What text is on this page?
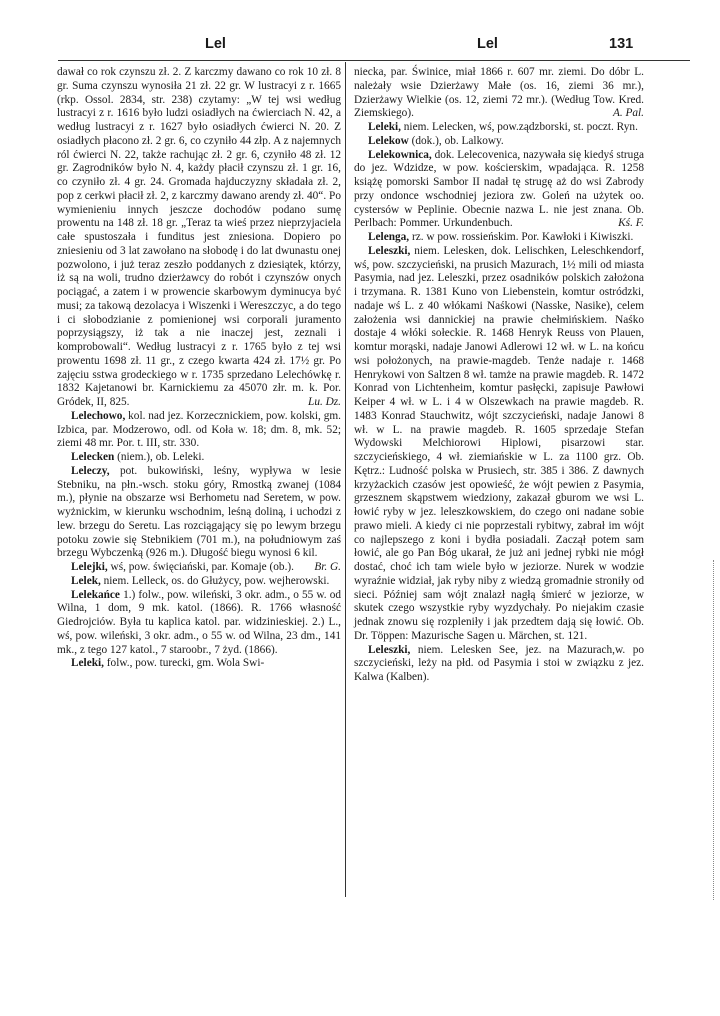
Lel	Lel	131

dawał co rok czynszu zł. 2. Z karczmy dawano co rok 10 zł. 8 gr. Suma czynszu wynosiła 21 zł. 22 gr. W lustracyi z r. 1665 (rkp. Ossol. 2834, str. 238) czytamy: „W tej wsi według lustracyi z r. 1616 było ludzi osiadłych na ćwierciach N. 42, a według lustracyi z r. 1627 było osiadłych ćwierci N. 20. Z osiadłych płacono zł. 2 gr. 6, co czyniło 44 złp. A z najemnych ról ćwierci N. 22, także rachując zł. 2 gr. 6, czyniło 48 zł. 12 gr. Zagrodników było N. 4, każdy płacił czynszu zł. 1 gr. 16, co czyniło zł. 4 gr. 24. Gromada hajduczyzny składała zł. 2, pop z cerkwi płacił zł. 2, z karczmy dawano arendy zł. 40“. Po wymienieniu innych jeszcze dochodów podano sumę prowentu na 148 zł. 18 gr. „Teraz ta wieś przez nieprzyjaciela całe spustoszała i funditus jest zniesiona. Dopiero po zniesieniu od 3 lat zawołano na słobodę i do lat dwunastu onej pozwolono, i już teraz zeszło poddanych z dziesiątek, którzy, iż są na woli, trudno dzierżawcy do robót i czynszów onych pociągać, a zatem i w prowencie skarbowym dyminucya być musi; za takową dezolacya i Wiszenki i Wereszczyc, a do tego i ci słobodzianie z pomienionej wsi corporali juramento poprzysiągszy, iż tak a nie inaczej jest, zeznali i komprobowali“. Według lustracyi z r. 1765 było z tej wsi prowentu 1698 zł. 11 gr., z czego kwarta 424 zł. 17½ gr. Po zajęciu sstwa grodeckiego w r. 1735 sprzedano Lelechówkę r. 1832 Kajetanowi br. Karnickiemu za 45070 złr. m. k. Por. Gródek, II, 825.	Lu. Dz.

Lelechowo, kol. nad jez. Korzecznickiem, pow. kolski, gm. Izbica, par. Modzerowo, odl. od Koła w. 18; dm. 8, mk. 52; ziemi 48 mr. Por. t. III, str. 330.

Lelecken (niem.), ob. Leleki.

Leleczy, pot. bukowiński, leśny, wypływa w lesie Stebniku, na płn.-wsch. stoku góry, Rmostką zwanej (1084 m.), płynie na obszarze wsi Berhometu nad Seretem, w pow. wyżnickim, w kierunku wschodnim, leśną doliną, i uchodzi z lew. brzegu do Seretu. Las rozciągający się po lewym brzegu potoku zowie się Stebnikiem (701 m.), na południowym zaś brzegu Wybczenką (926 m.). Długość biegu wynosi 6 kil.
Br. G.

Lelejki, wś, pow. święciański, par. Komaje (ob.).

Lelek, niem. Lelleck, os. do Głużycy, pow. wejherowski.

Lelekańce 1.) folw., pow. wileński, 3 okr. adm., o 55 w. od Wilna, 1 dom, 9 mk. katol. (1866). R. 1766 własność Giedrojciów. Była tu kaplica katol. par. widzinieskiej. 2.) L., wś, pow. wileński, 3 okr. adm., o 55 w. od Wilna, 23 dm., 141 mk., z tego 127 katol., 7 staroobr., 7 żyd. (1866).

Leleki, folw., pow. turecki, gm. Wola Swi-

niecka, par. Świnice, miał 1866 r. 607 mr. ziemi. Do dóbr L. należały wsie Dzierżawy Małe (os. 16, ziemi 36 mr.), Dzierżawy Wielkie (os. 12, ziemi 72 mr.). (Według Tow. Kred. Ziemskiego).	A. Pal.

Leleki, niem. Lelecken, wś, pow.ządzborski, st. poczt. Ryn.

Lelekow (dok.), ob. Lalkowy.

Lelekownica, dok. Lelecovenica, nazywała się kiedyś struga do jez. Wdzidze, w pow. kościerskim, wpadająca. R. 1258 książę pomorski Sambor II nadał tę strugę aż do wsi Zabrody przy ondonce wschodniej jeziora zw. Goleń na użytek oo. cystersów w Peplinie. Obecnie nazwa L. nie jest znana. Ob. Perlbach: Pommer. Urkundenbuch.	Kś. F.

Lelenga, rz. w pow. rossieńskim. Por. Kawłoki i Kiwiszki.

Leleszki, niem. Lelesken, dok. Lelischken, Leleschkendorf, wś, pow. szczycieński, na prusich Mazurach, 1½ mili od miasta Pasymia, nad jez. Leleszki, przez osadników polskich założona i trzymana. R. 1381 Kuno von Liebenstein, komtur ostródzki, nadaje wś L. z 40 włókami Naśkowi (Nasske, Nasike), celem założenia wsi dannickiej na prawie chełmińskiem. Naśko dostaje 4 włóki sołeckie. R. 1468 Henryk Reuss von Plauen, komtur morąski, nadaje Janowi Adlerowi 12 wł. w L. na końcu wsi położonych, na prawie-magdeb. Tenże nadaje r. 1468 Henrykowi von Saltzen 8 wł. tamże na prawie magdeb. R. 1472 Konrad von Lichtenheim, komtur pasłęcki, zapisuje Pawłowi Keiper 4 wł. w L. i 4 w Olszewkach na prawie magdeb. R. 1483 Konrad Stauchwitz, wójt szczycieński, nadaje Janowi 8 wł. w L. na prawie magdeb. R. 1605 sprzedaje Stefan Wydowski Melchiorowi Hiplowi, pisarzowi star. szczycieńskiego, 4 wł. ziemiańskie w L. za 1100 grz. Ob. Kętrz.: Ludność polska w Prusiech, str. 385 i 386. Z dawnych krzyżackich czasów jest opowieść, że wójt pewien z Pasymia, grzesznem skąpstwem wiedziony, zakazał gburom we wsi L. łowić ryby w jez. leleszkowskiem, do czego oni nadane sobie prawo mieli. A kiedy ci nie poprzestali rybitwy, zabrał im wójt co najlepszego z koni i bydła posiadali. Zaczął potem sam łowić, ale go Pan Bóg ukarał, że już ani jednej rybki nie mógł dostać, choć ich tam wiele było w jeziorze. Nurek w wodzie wyraźnie widział, jak ryby niby z wiedzą gromadnie stroniły od sieci. Później sam wójt znalazł nagłą śmierć w jeziorze, w skutek czego wszystkie ryby wyzdychały. Po niejakim czasie jednak znowu się rozpleniły i jak przedtem dają się łowić. Ob. Dr. Töppen: Mazurische Sagen u. Märchen, st. 121.

Leleszki, niem. Lelesken See, jez. na Mazurach,w. po szczycieński, leży na płd. od Pasymia i stoi w związku z jez. Kalwa (Kalben).
